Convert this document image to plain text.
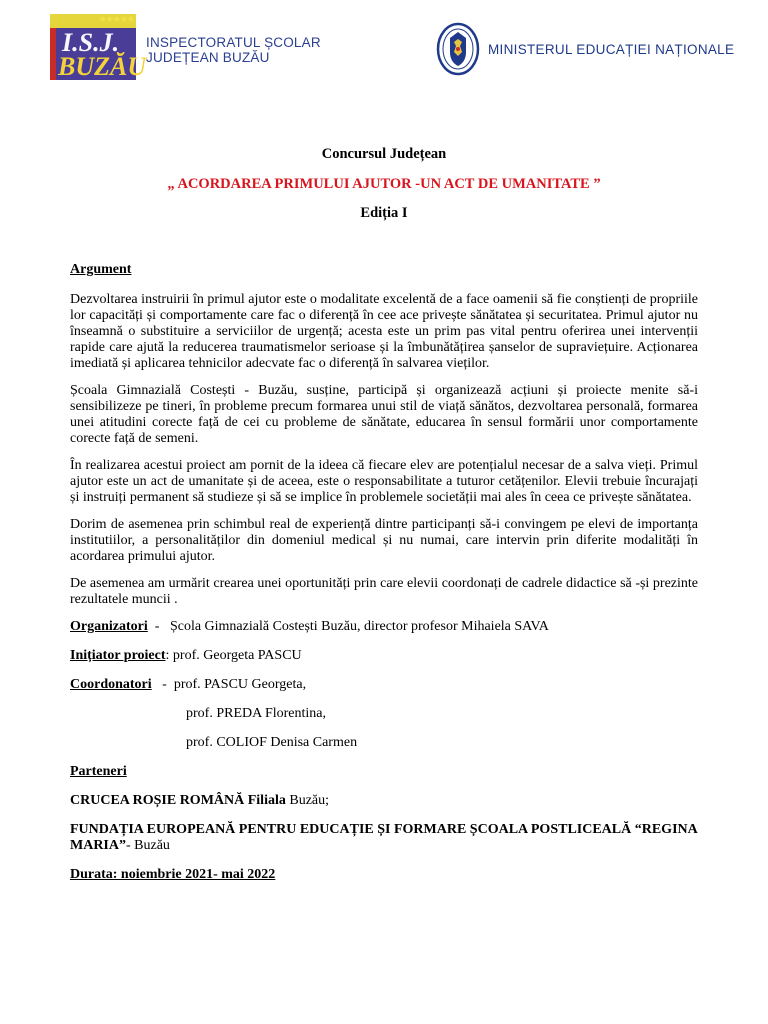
★★★★★
I.S.J.
BUZĂU
INSPECTORATUL ȘCOLAR
JUDEȚEAN BUZĂU
MINISTERUL EDUCAȚIEI NAȚIONALE
Concursul Județean
„ ACORDAREA PRIMULUI AJUTOR -UN ACT DE UMANITATE ”
Ediția I

Argument

Dezvoltarea instruirii în primul ajutor este o modalitate excelentă de a face oamenii să fie conștienți de propriile lor capacități și comportamente care fac o diferență în cee ace privește sănătatea și securitatea. Primul ajutor nu înseamnă o substituire a serviciilor de urgență; acesta este un prim pas vital pentru oferirea unei intervenții rapide care ajută la reducerea traumatismelor serioase și la îmbunătățirea șanselor de supraviețuire. Acționarea imediată și aplicarea tehnicilor adecvate fac o diferență în salvarea vieților.

Școala Gimnazială Costești - Buzău, susține, participă și organizează acțiuni și proiecte menite să-i sensibilizeze pe tineri, în probleme precum formarea unui stil de viață sănătos, dezvoltarea personală, formarea unei atitudini corecte față de cei cu probleme de sănătate, educarea în sensul formării unor comportamente corecte față de semeni.

În realizarea acestui proiect am pornit de la ideea că fiecare elev are potențialul necesar de a salva vieți. Primul ajutor este un act de umanitate și de aceea, este o responsabilitate a tuturor cetățenilor. Elevii trebuie încurajați și instruiți permanent să studieze și să se implice în problemele societății mai ales în ceea ce privește sănătatea.

Dorim de asemenea prin schimbul real de experiență dintre participanți să-i convingem pe elevi de importanța institutiilor, a personalităților din domeniul medical și nu numai, care intervin prin diferite modalități în acordarea primului ajutor.

De asemenea am urmărit crearea unei oportunități prin care elevii coordonați de cadrele didactice să -și prezinte rezultatele muncii .

Organizatori  -   Școla Gimnazială Costești Buzău, director profesor Mihaiela SAVA

Inițiator proiect: prof. Georgeta PASCU

Coordonatori   -  prof. PASCU Georgeta,

prof. PREDA Florentina,

prof. COLIOF Denisa Carmen

Parteneri

CRUCEA ROȘIE ROMÂNĂ Filiala Buzău;

FUNDAȚIA EUROPEANĂ PENTRU EDUCAȚIE ȘI FORMARE ȘCOALA POSTLICEALĂ “REGINA MARIA”- Buzău

Durata: noiembrie 2021- mai 2022
